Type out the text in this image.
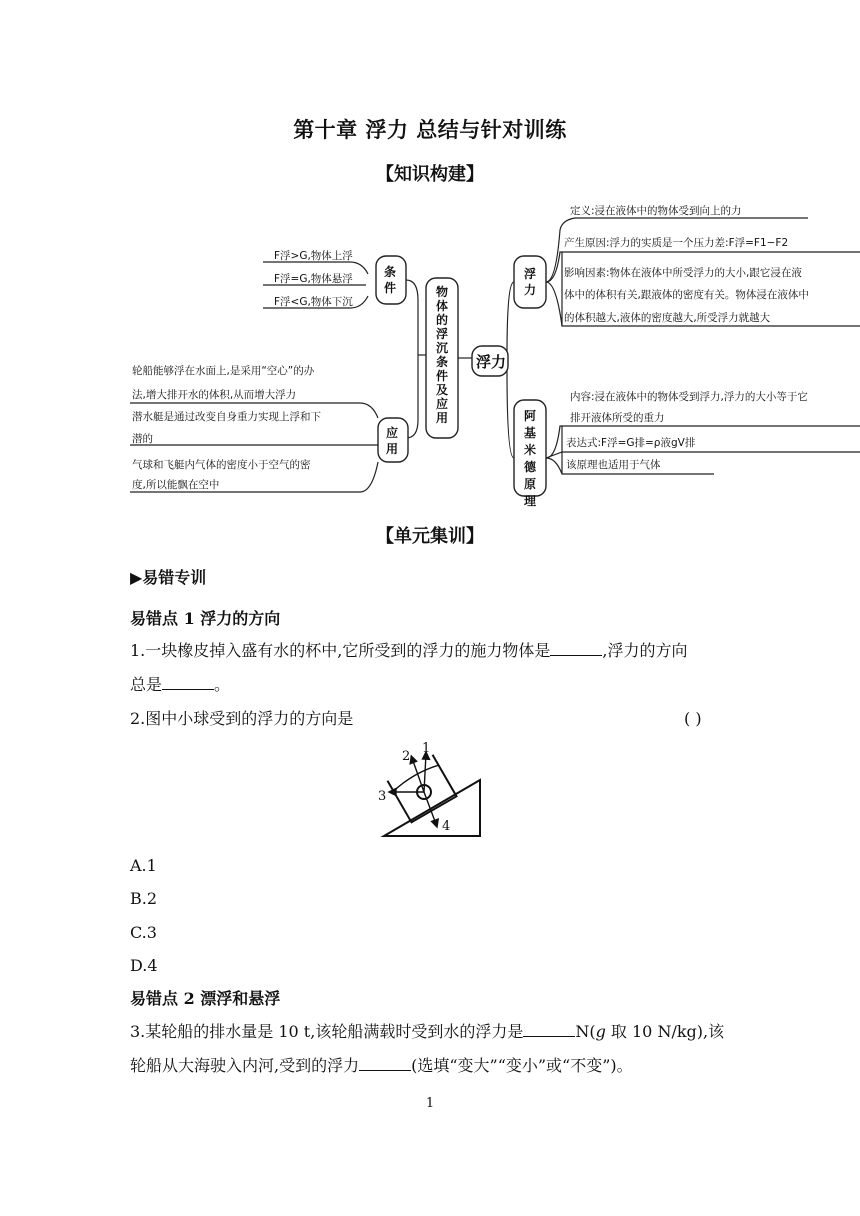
第十章 浮力 总结与针对训练
【知识构建】
条件
应用
物
体
的
浮
沉
条
件
及
应
用
浮力
浮力
阿
基
米
德
原
理
F浮>G,物体上浮
F浮=G,物体悬浮
F浮<G,物体下沉
轮船能够浮在水面上,是采用“空心”的办
法,增大排开水的体积,从而增大浮力
潜水艇是通过改变自身重力实现上浮和下
潜的
气球和飞艇内气体的密度小于空气的密
度,所以能飘在空中
定义:浸在液体中的物体受到向上的力
产生原因:浮力的实质是一个压力差:F浮=F1−F2
影响因素:物体在液体中所受浮力的大小,跟它浸在液
体中的体积有关,跟液体的密度有关。物体浸在液体中
的体积越大,液体的密度越大,所受浮力就越大
内容:浸在液体中的物体受到浮力,浮力的大小等于它
排开液体所受的重力
表达式:F浮=G排=ρ液gV排
该原理也适用于气体
【单元集训】
▶易错专训
易错点 1 浮力的方向
1.一块橡皮掉入盛有水的杯中,它所受到的浮力的施力物体是	,浮力的方向
总是	。
2.图中小球受到的浮力的方向是	( )
1
2
3
4
A.1
B.2
C.3
D.4
易错点 2 漂浮和悬浮
3.某轮船的排水量是 10 t,该轮船满载时受到水的浮力是	N(g 取 10 N/kg),该
轮船从大海驶入内河,受到的浮力	(选填“变大”“变小”或“不变”)。
1
